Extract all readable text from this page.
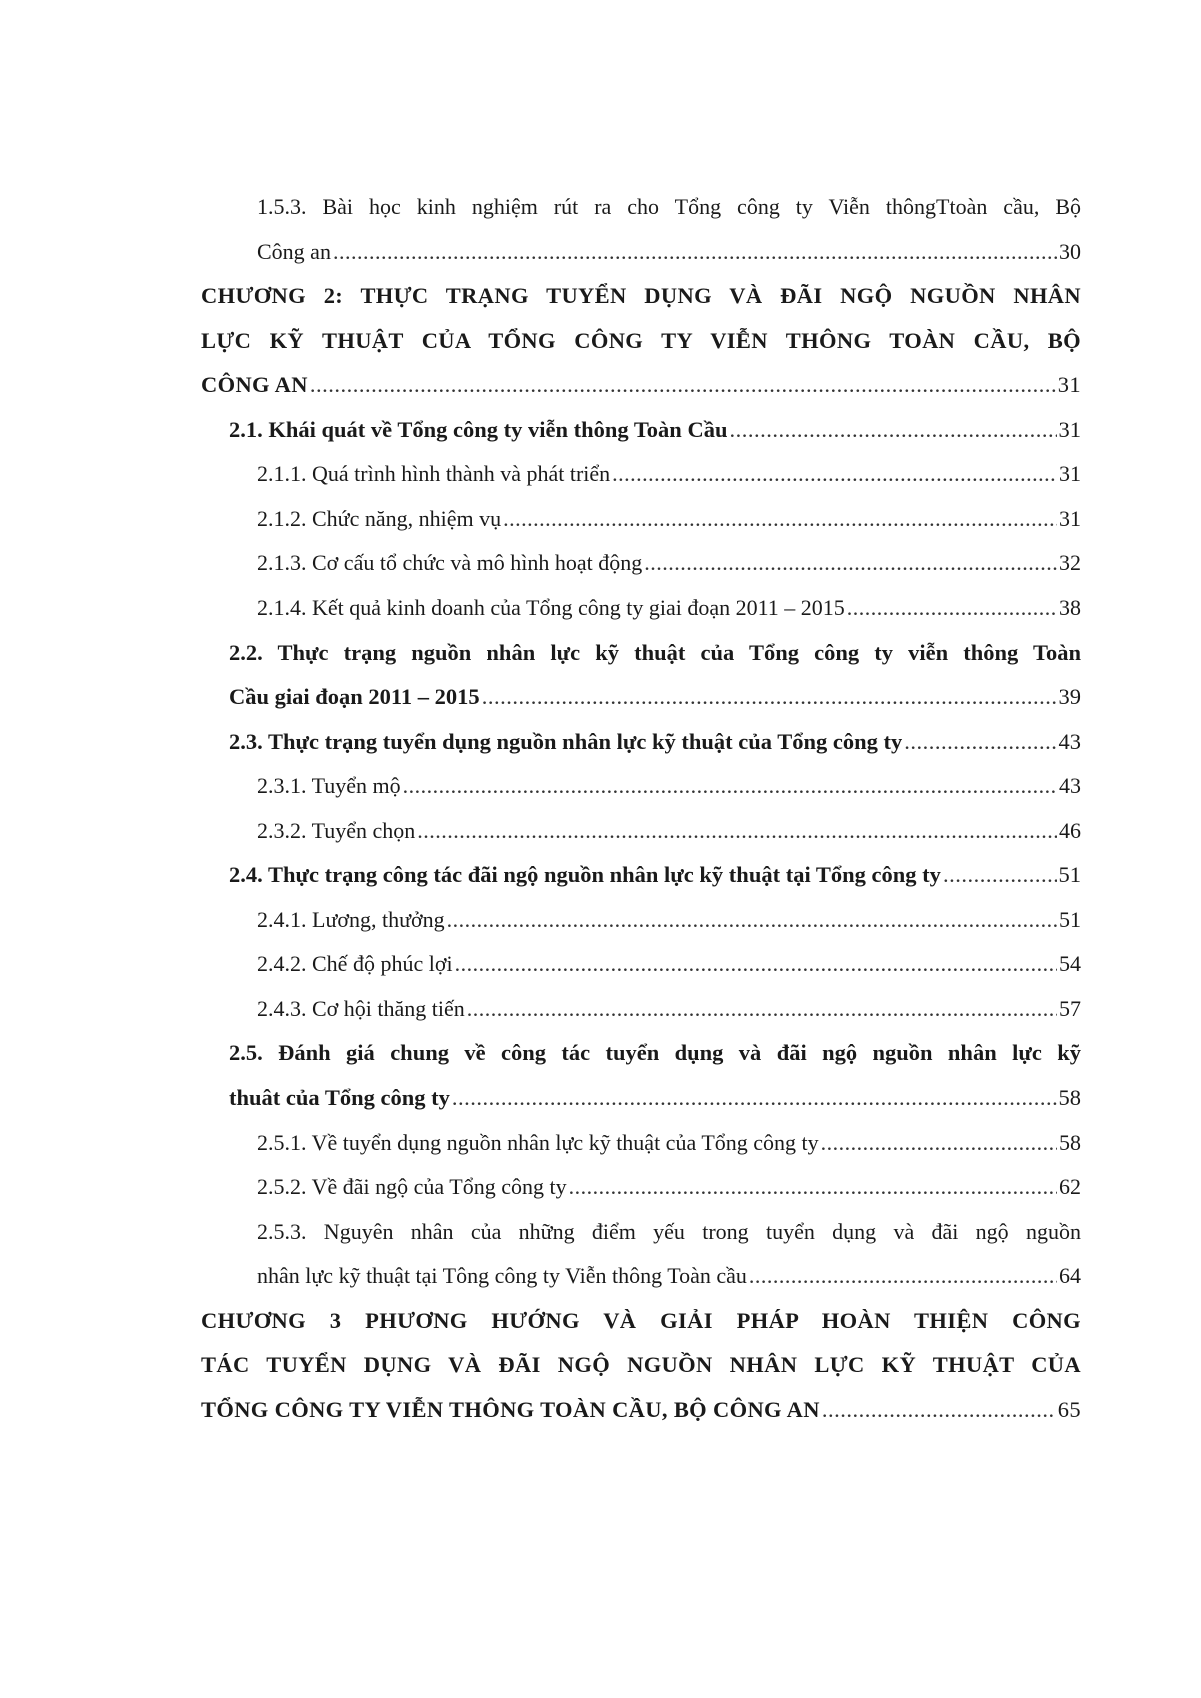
1.5.3. Bài học kinh nghiệm rút ra cho Tổng công ty Viễn thôngTtoàn cầu, Bộ
Công an .....	30
CHƯƠNG 2: THỰC TRẠNG TUYỂN DỤNG VÀ ĐÃI NGỘ NGUỒN NHÂN
LỰC KỸ THUẬT CỦA TỔNG CÔNG TY VIỄN THÔNG TOÀN CẦU, BỘ
CÔNG AN .....	31
2.1. Khái quát về Tổng công ty viễn thông Toàn Cầu .....	31
2.1.1. Quá trình hình thành và phát triển .....	31
2.1.2. Chức năng, nhiệm vụ .....	31
2.1.3. Cơ cấu tổ chức và mô hình hoạt động .....	32
2.1.4. Kết quả kinh doanh của Tổng công ty giai đoạn 2011 – 2015 .....	38
2.2. Thực trạng nguồn nhân lực kỹ thuật của Tổng công ty viễn thông Toàn
Cầu giai đoạn 2011 – 2015 .....	39
2.3. Thực trạng tuyển dụng nguồn nhân lực kỹ thuật của Tổng công ty .....	43
2.3.1. Tuyển mộ .....	43
2.3.2. Tuyển chọn .....	46
2.4. Thực trạng công tác đãi ngộ nguồn nhân lực kỹ thuật tại Tổng công ty .....	51
2.4.1. Lương, thưởng .....	51
2.4.2. Chế độ phúc lợi .....	54
2.4.3. Cơ hội thăng tiến .....	57
2.5. Đánh giá chung về công tác tuyển dụng và đãi ngộ nguồn nhân lực kỹ
thuât của Tổng công ty .....	58
2.5.1. Về tuyển dụng nguồn nhân lực kỹ thuật của Tổng công ty .....	58
2.5.2. Về đãi ngộ của Tổng công ty .....	62
2.5.3. Nguyên nhân của những điểm yếu trong tuyển dụng và đãi ngộ nguồn
nhân lực kỹ thuật tại Tông công ty Viễn thông Toàn cầu .....	64
CHƯƠNG 3 PHƯƠNG HƯỚNG VÀ GIẢI PHÁP HOÀN THIỆN CÔNG
TÁC TUYỂN DỤNG VÀ ĐÃI NGỘ NGUỒN NHÂN LỰC KỸ THUẬT CỦA
TỔNG CÔNG TY VIỄN THÔNG TOÀN CẦU, BỘ CÔNG AN .....	65
